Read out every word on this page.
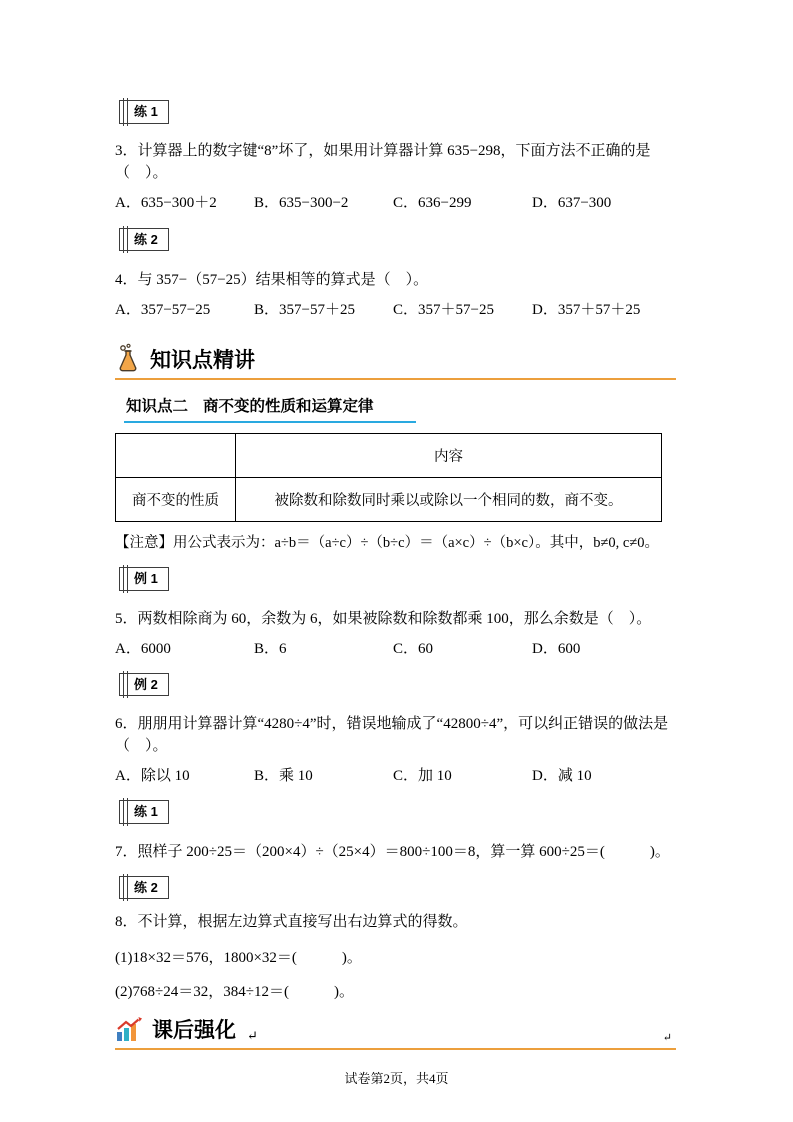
练 1

3．计算器上的数字键“8”坏了，如果用计算器计算 635−298，下面方法不正确的是（　）。

A．635−300＋2	B．635−300−2	C．636−299	D．637−300
练 2

4．与 357−（57−25）结果相等的算式是（　）。

A．357−57−25	B．357−57＋25	C．357＋57−25	D．357＋57＋25
知识点精讲
知识点二 商不变的性质和运算定律
	内容
商不变的性质	被除数和除数同时乘以或除以一个相同的数，商不变。

【注意】用公式表示为：a÷b＝（a÷c）÷（b÷c）＝（a×c）÷（b×c）。其中，b≠0, c≠0。

例 1

5．两数相除商为 60，余数为 6，如果被除数和除数都乘 100，那么余数是（　）。

A．6000	B．6	C．60	D．600
例 2

6．朋朋用计算器计算“4280÷4”时，错误地输成了“42800÷4”，可以纠正错误的做法是（　）。

A．除以 10	B．乘 10	C．加 10	D．减 10
练 1

7．照样子 200÷25＝（200×4）÷（25×4）＝800÷100＝8，算一算 600÷25＝(　　　)。

练 2

8．不计算，根据左边算式直接写出右边算式的得数。

(1)18×32＝576，1800×32＝(　　　)。

(2)768÷24＝32，384÷12＝(　　　)。

课后强化 ↵	↵
试卷第2页，共4页
